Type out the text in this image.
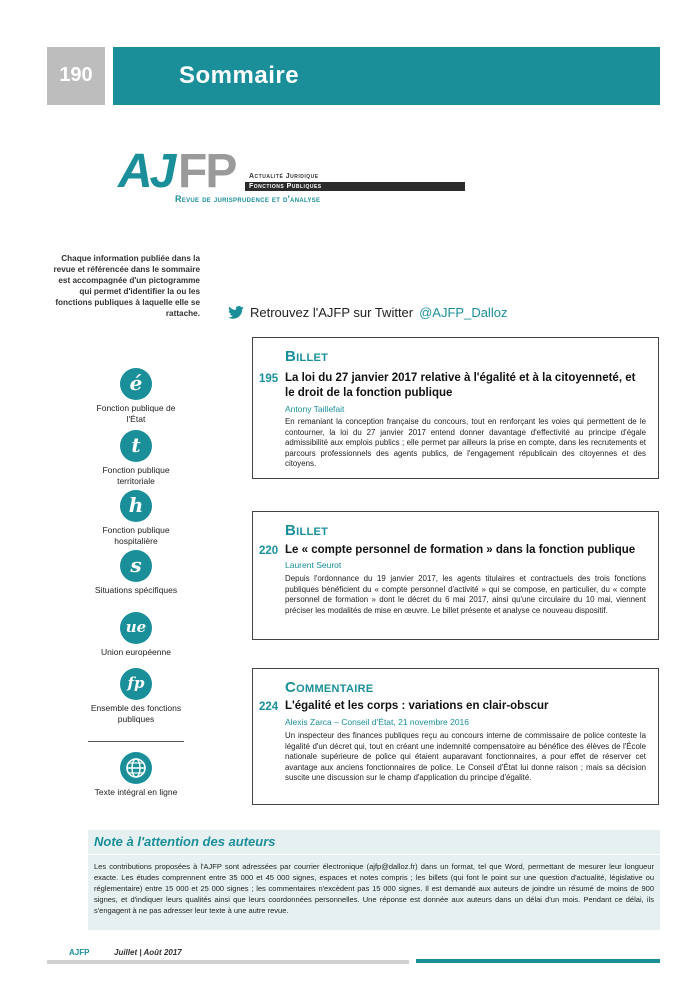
190	Sommaire
AJ FP	Actualité Juridique
Fonctions Publiques
Revue de jurisprudence et d'analyse
Chaque information publiée dans la revue et référencée dans le sommaire est accompagnée d'un pictogramme qui permet d'identifier la ou les fonctions publiques à laquelle elle se rattache.	Retrouvez l'AJFP sur Twitter @AJFP_Dalloz
é
Fonction publique de l'État
t
Fonction publique territoriale
h
Fonction publique hospitalière
s
Situations spécifiques
ue
Union européenne
fp
Ensemble des fonctions publiques
Texte intégral en ligne
Billet
195 La loi du 27 janvier 2017 relative à l'égalité et à la citoyenneté, et le droit de la fonction publique
Antony Taillefait
En remaniant la conception française du concours, tout en renforçant les voies qui permettent de le contourner, la loi du 27 janvier 2017 entend donner davantage d'effectivité au principe d'égale admissibilité aux emplois publics ; elle permet par ailleurs la prise en compte, dans les recrutements et parcours professionnels des agents publics, de l'engagement républicain des citoyennes et des citoyens.
Billet
220 Le « compte personnel de formation » dans la fonction publique
Laurent Seurot
Depuis l'ordonnance du 19 janvier 2017, les agents titulaires et contractuels des trois fonctions publiques bénéficient du « compte personnel d'activité » qui se compose, en particulier, du « compte personnel de formation » dont le décret du 6 mai 2017, ainsi qu'une circulaire du 10 mai, viennent préciser les modalités de mise en œuvre. Le billet présente et analyse ce nouveau dispositif.
Commentaire
224 L'égalité et les corps : variations en clair-obscur
Alexis Zarca – Conseil d'État, 21 novembre 2016
Un inspecteur des finances publiques reçu au concours interne de commissaire de police conteste la légalité d'un décret qui, tout en créant une indemnité compensatoire au bénéfice des élèves de l'École nationale supérieure de police qui étaient auparavant fonctionnaires, a pour effet de réserver cet avantage aux anciens fonctionnaires de police. Le Conseil d'État lui donne raison ; mais sa décision suscite une discussion sur le champ d'application du principe d'égalité.
Note à l'attention des auteurs
Les contributions proposées à l'AJFP sont adressées par courrier électronique (ajfp@dalloz.fr) dans un format, tel que Word, permettant de mesurer leur longueur exacte. Les études comprennent entre 35 000 et 45 000 signes, espaces et notes compris ; les billets (qui font le point sur une question d'actualité, législative ou réglementaire) entre 15 000 et 25 000 signes ; les commentaires n'excèdent pas 15 000 signes. Il est demandé aux auteurs de joindre un résumé de moins de 900 signes, et d'indiquer leurs qualités ainsi que leurs coordonnées personnelles. Une réponse est donnée aux auteurs dans un délai d'un mois. Pendant ce délai, ils s'engagent à ne pas adresser leur texte à une autre revue.
AJFP	Juillet | Août 2017
